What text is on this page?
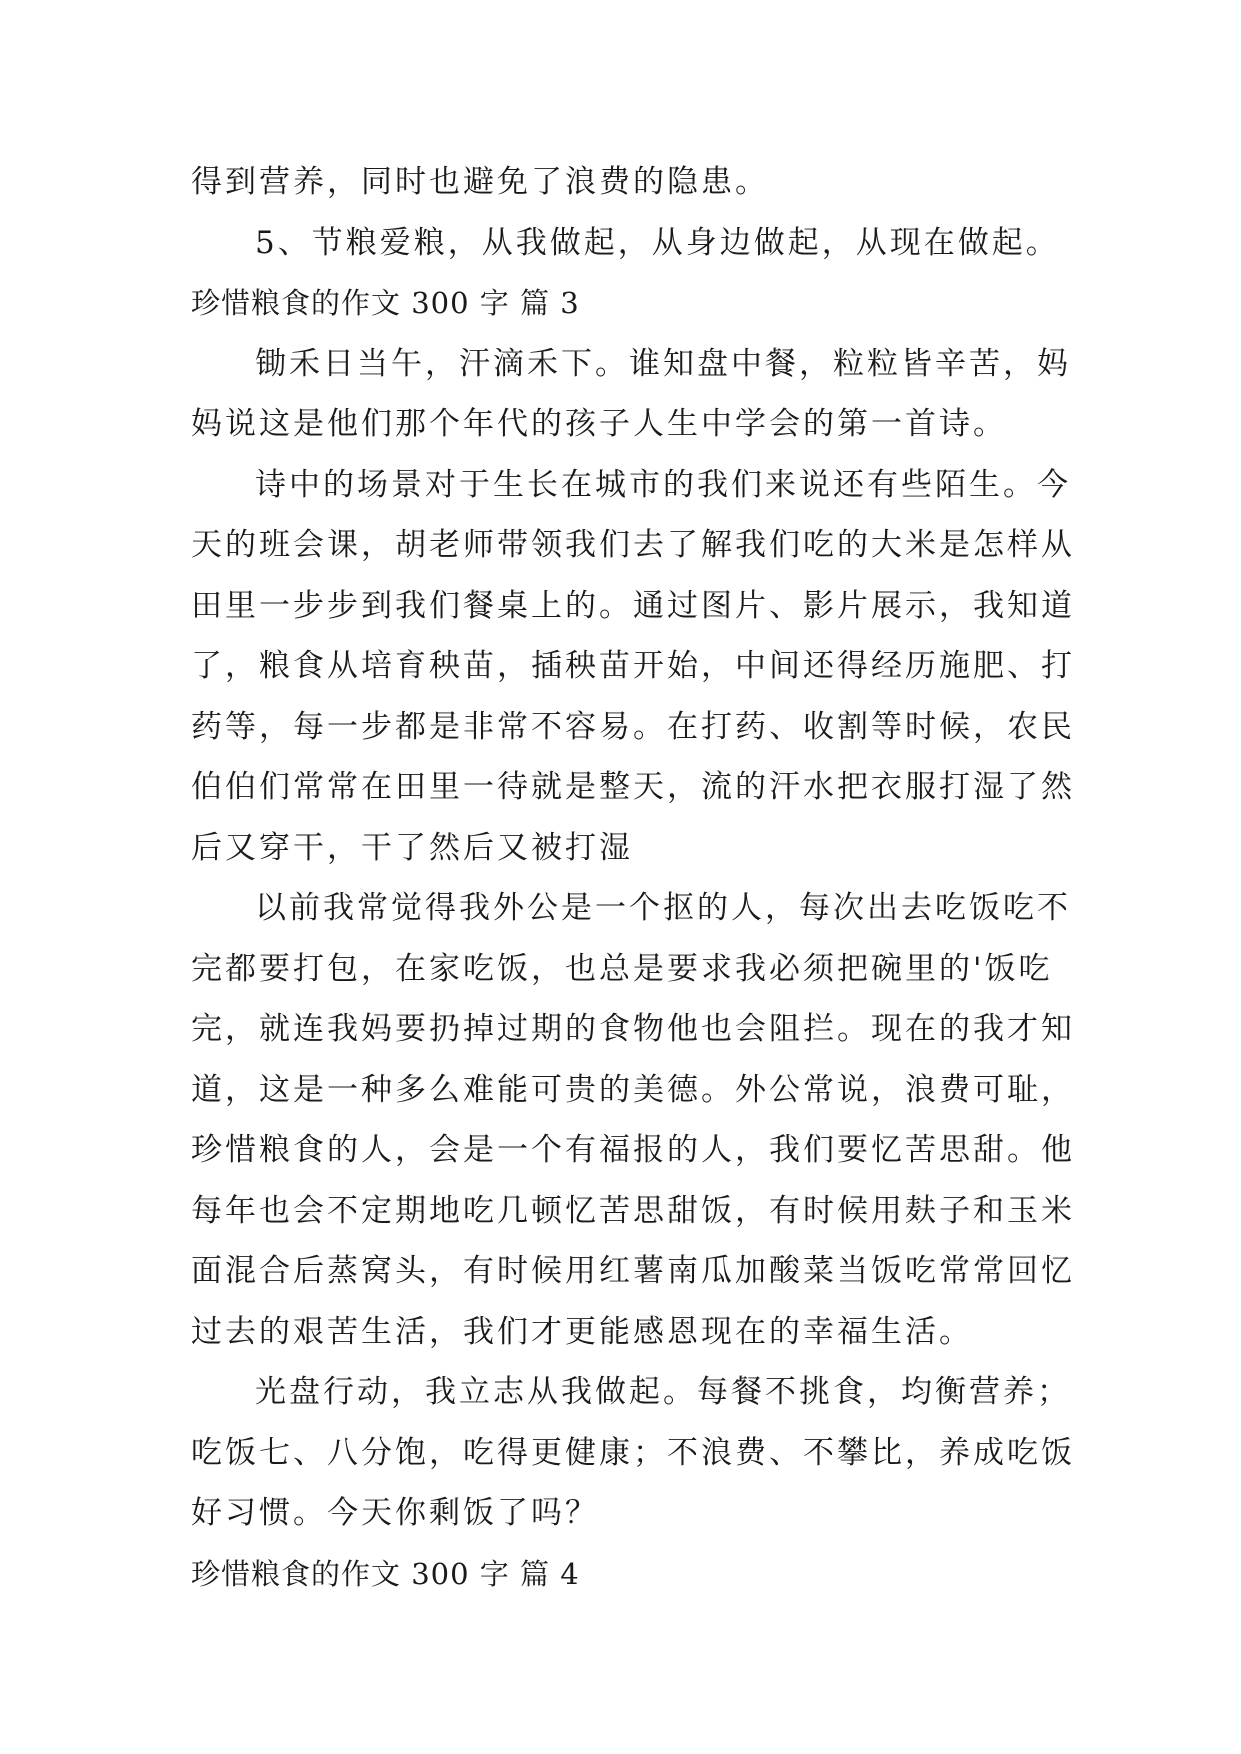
得到营养，同时也避免了浪费的隐患。
5、节粮爱粮，从我做起，从身边做起，从现在做起。
珍惜粮食的作文 300 字 篇 3
锄禾日当午，汗滴禾下。谁知盘中餐，粒粒皆辛苦，妈
妈说这是他们那个年代的孩子人生中学会的第一首诗。
诗中的场景对于生长在城市的我们来说还有些陌生。今
天的班会课，胡老师带领我们去了解我们吃的大米是怎样从
田里一步步到我们餐桌上的。通过图片、影片展示，我知道
了，粮食从培育秧苗，插秧苗开始，中间还得经历施肥、打
药等，每一步都是非常不容易。在打药、收割等时候，农民
伯伯们常常在田里一待就是整天，流的汗水把衣服打湿了然
后又穿干，干了然后又被打湿
以前我常觉得我外公是一个抠的人，每次出去吃饭吃不
完都要打包，在家吃饭，也总是要求我必须把碗里的'饭吃
完，就连我妈要扔掉过期的食物他也会阻拦。现在的我才知
道，这是一种多么难能可贵的美德。外公常说，浪费可耻，
珍惜粮食的人，会是一个有福报的人，我们要忆苦思甜。他
每年也会不定期地吃几顿忆苦思甜饭，有时候用麸子和玉米
面混合后蒸窝头，有时候用红薯南瓜加酸菜当饭吃常常回忆
过去的艰苦生活，我们才更能感恩现在的幸福生活。
光盘行动，我立志从我做起。每餐不挑食，均衡营养；
吃饭七、八分饱，吃得更健康；不浪费、不攀比，养成吃饭
好习惯。今天你剩饭了吗？
珍惜粮食的作文 300 字 篇 4
